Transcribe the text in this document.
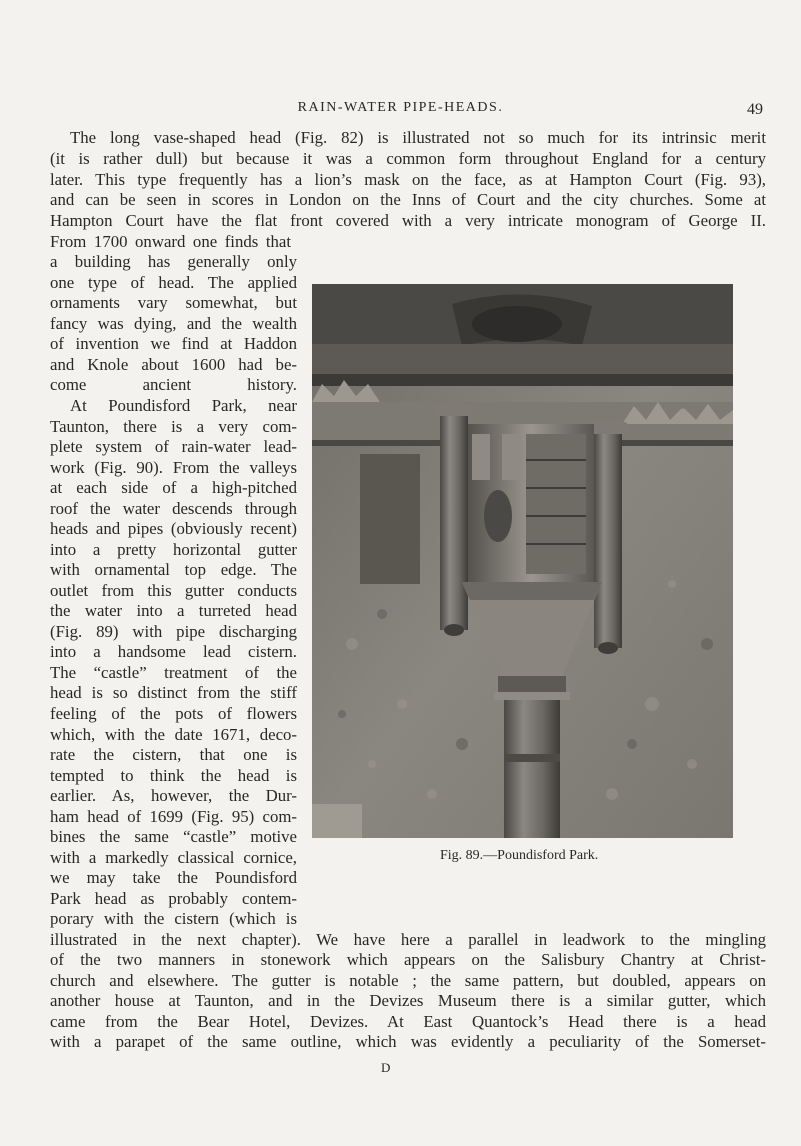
RAIN-WATER PIPE-HEADS.	49
The long vase-shaped head (Fig. 82) is illustrated not so much for its intrinsic merit
(it is rather dull) but because it was a common form throughout England for a century
later. This type frequently has a lion’s mask on the face, as at Hampton Court (Fig. 93),
and can be seen in scores in London on the Inns of Court and the city churches. Some at
Hampton Court have the flat front covered with a very intricate monogram of George II.
From 1700 onward one finds that
a building has generally only
one type of head. The applied
ornaments vary somewhat, but
fancy was dying, and the wealth
of invention we find at Haddon
and Knole about 1600 had be-
come ancient history.
At Poundisford Park, near
Taunton, there is a very com-
plete system of rain-water lead-
work (Fig. 90). From the valleys
at each side of a high-pitched
roof the water descends through
heads and pipes (obviously recent)
into a pretty horizontal gutter
with ornamental top edge. The
outlet from this gutter conducts
the water into a turreted head
(Fig. 89) with pipe discharging
into a handsome lead cistern.
The “castle” treatment of the
head is so distinct from the stiff
feeling of the pots of flowers
which, with the date 1671, deco-
rate the cistern, that one is
tempted to think the head is
earlier. As, however, the Dur-
ham head of 1699 (Fig. 95) com-
bines the same “castle” motive
with a markedly classical cornice,
we may take the Poundisford
Park head as probably contem-
porary with the cistern (which is
illustrated in the next chapter). We have here a parallel in leadwork to the mingling
of the two manners in stonework which appears on the Salisbury Chantry at Christ-
church and elsewhere. The gutter is notable ; the same pattern, but doubled, appears on
another house at Taunton, and in the Devizes Museum there is a similar gutter, which
came from the Bear Hotel, Devizes. At East Quantock’s Head there is a head
with a parapet of the same outline, which was evidently a peculiarity of the Somerset-
Fig. 89.—Poundisford Park.
D
